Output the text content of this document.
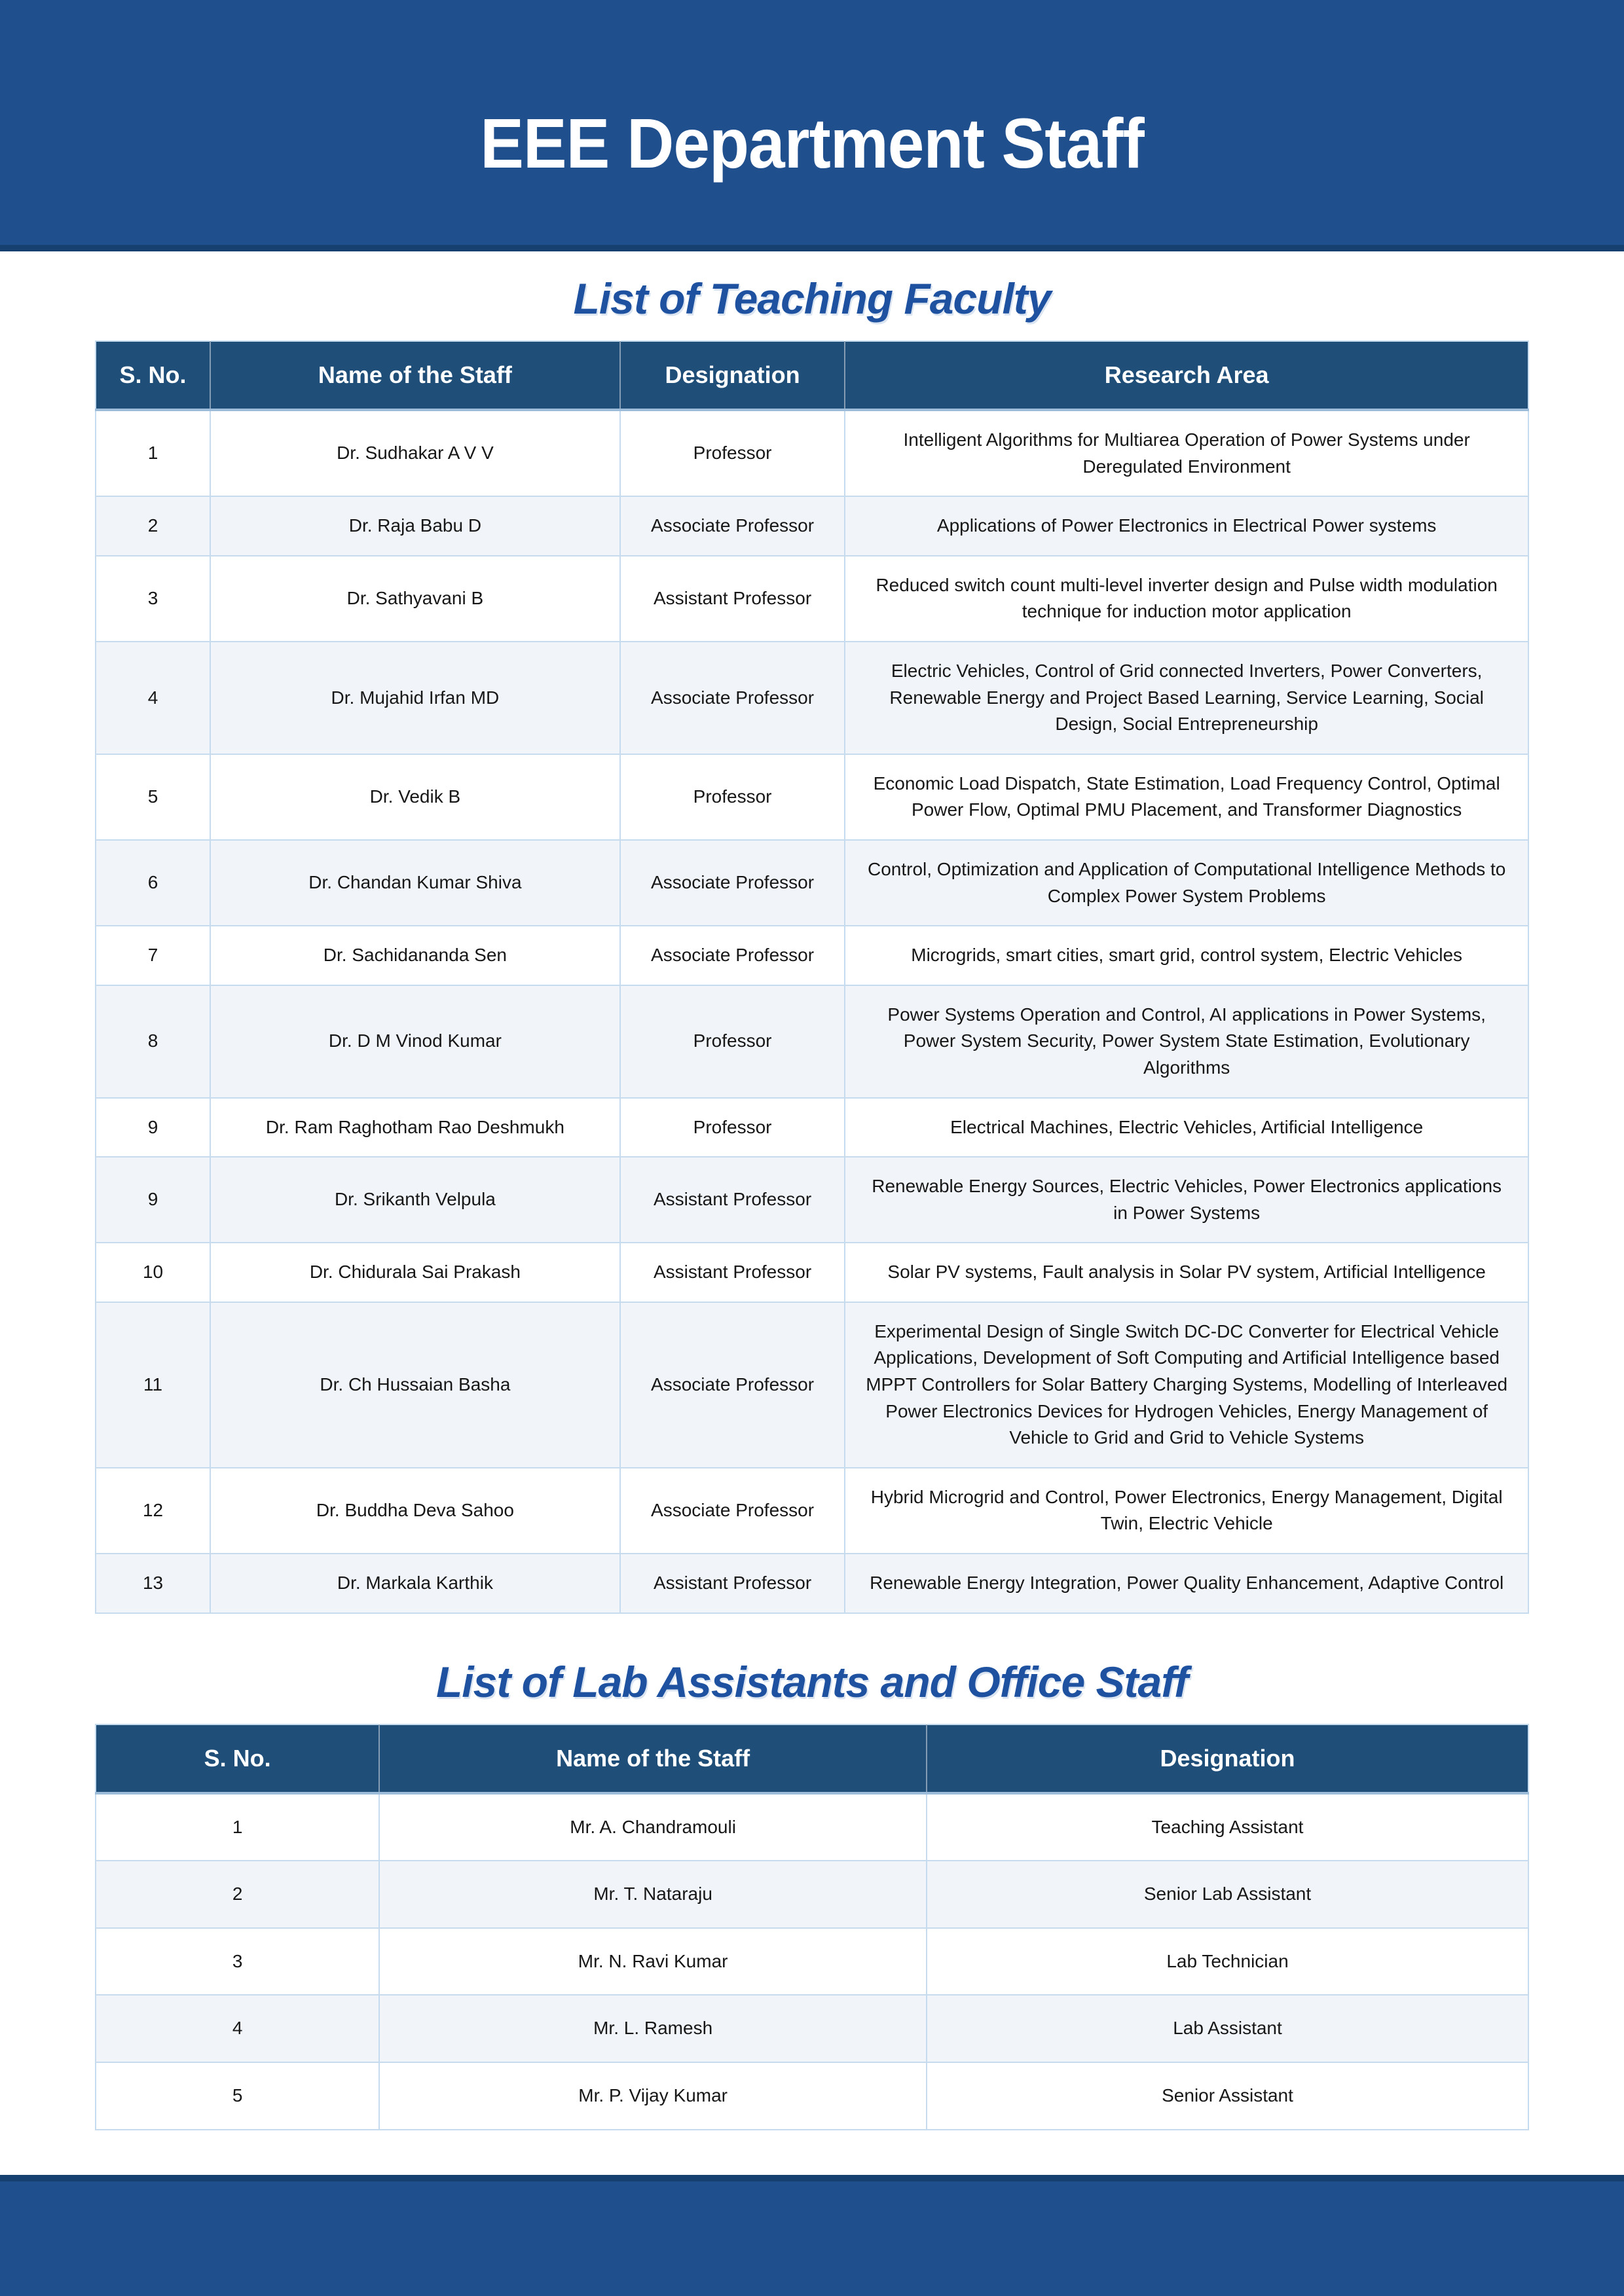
EEE Department Staff
List of Teaching Faculty
S. No.	Name of the Staff	Designation	Research Area
1	Dr. Sudhakar A V V	Professor	Intelligent Algorithms for Multiarea Operation of Power Systems under Deregulated Environment
2	Dr. Raja Babu D	Associate Professor	Applications of Power Electronics in Electrical Power systems
3	Dr. Sathyavani B	Assistant Professor	Reduced switch count multi-level inverter design and Pulse width modulation technique for induction motor application
4	Dr. Mujahid Irfan MD	Associate Professor	Electric Vehicles, Control of Grid connected Inverters, Power Converters, Renewable Energy and Project Based Learning, Service Learning, Social Design, Social Entrepreneurship
5	Dr. Vedik B	Professor	Economic Load Dispatch, State Estimation, Load Frequency Control, Optimal Power Flow, Optimal PMU Placement, and Transformer Diagnostics
6	Dr. Chandan Kumar Shiva	Associate Professor	Control, Optimization and Application of Computational Intelligence Methods to Complex Power System Problems
7	Dr. Sachidananda Sen	Associate Professor	Microgrids, smart cities, smart grid, control system, Electric Vehicles
8	Dr. D M Vinod Kumar	Professor	Power Systems Operation and Control, AI applications in Power Systems, Power System Security, Power System State Estimation, Evolutionary Algorithms
9	Dr. Ram Raghotham Rao Deshmukh	Professor	Electrical Machines, Electric Vehicles, Artificial Intelligence
9	Dr. Srikanth Velpula	Assistant Professor	Renewable Energy Sources, Electric Vehicles, Power Electronics applications in Power Systems
10	Dr. Chidurala Sai Prakash	Assistant Professor	Solar PV systems, Fault analysis in Solar PV system, Artificial Intelligence
11	Dr. Ch Hussaian Basha	Associate Professor	Experimental Design of Single Switch DC-DC Converter for Electrical Vehicle Applications, Development of Soft Computing and Artificial Intelligence based MPPT Controllers for Solar Battery Charging Systems, Modelling of Interleaved Power Electronics Devices for Hydrogen Vehicles, Energy Management of Vehicle to Grid and Grid to Vehicle Systems
12	Dr. Buddha Deva Sahoo	Associate Professor	Hybrid Microgrid and Control, Power Electronics, Energy Management, Digital Twin, Electric Vehicle
13	Dr. Markala Karthik	Assistant Professor	Renewable Energy Integration, Power Quality Enhancement, Adaptive Control
List of Lab Assistants and Office Staff
S. No.	Name of the Staff	Designation
1	Mr. A. Chandramouli	Teaching Assistant
2	Mr. T. Nataraju	Senior Lab Assistant
3	Mr. N. Ravi Kumar	Lab Technician
4	Mr. L. Ramesh	Lab Assistant
5	Mr. P. Vijay Kumar	Senior Assistant
